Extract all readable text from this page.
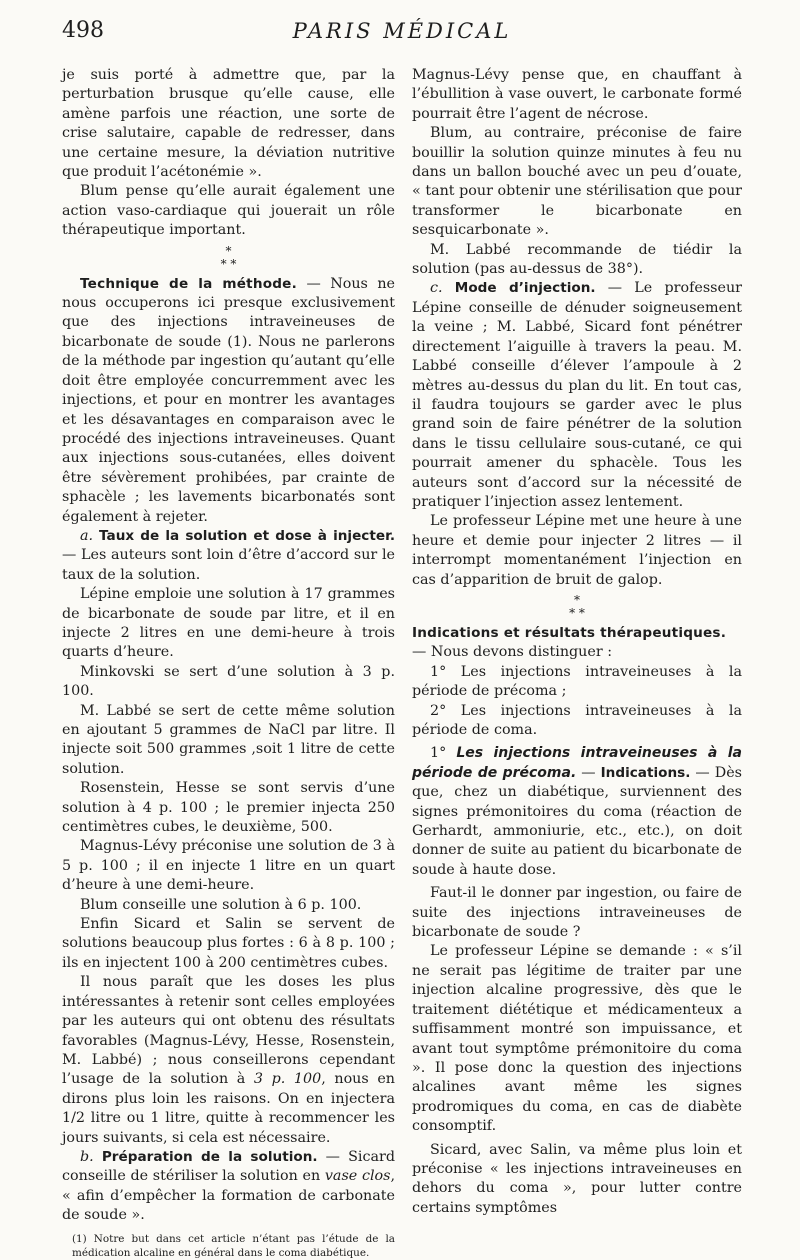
498	PARIS MÉDICAL

je suis porté à admettre que, par la perturbation brusque qu’elle cause, elle amène parfois une réaction, une sorte de crise salutaire, capable de redresser, dans une certaine mesure, la déviation nutritive que produit l’acétonémie ».

Blum pense qu’elle aurait également une action vaso-cardiaque qui jouerait un rôle thérapeutique important.

*
* *

Technique de la méthode. — Nous ne nous occuperons ici presque exclusivement que des injections intraveineuses de bicarbonate de soude (1). Nous ne parlerons de la méthode par ingestion qu’autant qu’elle doit être employée concurremment avec les injections, et pour en montrer les avantages et les désavantages en comparaison avec le procédé des injections intraveineuses. Quant aux injections sous-cutanées, elles doivent être sévèrement prohibées, par crainte de sphacèle ; les lavements bicarbonatés sont également à rejeter.

a. Taux de la solution et dose à injecter. — Les auteurs sont loin d’être d’accord sur le taux de la solution.

Lépine emploie une solution à 17 grammes de bicarbonate de soude par litre, et il en injecte 2 litres en une demi-heure à trois quarts d’heure.

Minkovski se sert d’une solution à 3 p. 100.

M. Labbé se sert de cette même solution en ajoutant 5 grammes de NaCl par litre. Il injecte soit 500 grammes ,soit 1 litre de cette solution.

Rosenstein, Hesse se sont servis d’une solution à 4 p. 100 ; le premier injecta 250 centimètres cubes, le deuxième, 500.

Magnus-Lévy préconise une solution de 3 à 5 p. 100 ; il en injecte 1 litre en un quart d’heure à une demi-heure.

Blum conseille une solution à 6 p. 100.

Enfin Sicard et Salin se servent de solutions beaucoup plus fortes : 6 à 8 p. 100 ; ils en injectent 100 à 200 centimètres cubes.

Il nous paraît que les doses les plus intéressantes à retenir sont celles employées par les auteurs qui ont obtenu des résultats favorables (Magnus-Lévy, Hesse, Rosenstein, M. Labbé) ; nous conseillerons cependant l’usage de la solution à 3 p. 100, nous en dirons plus loin les raisons. On en injectera 1/2 litre ou 1 litre, quitte à recommencer les jours suivants, si cela est nécessaire.

b. Préparation de la solution. — Sicard conseille de stériliser la solution en vase clos, « afin d’empêcher la formation de carbonate de soude ».

(1) Notre but dans cet article n’étant pas l’étude de la médication alcaline en général dans le coma diabétique.

Magnus-Lévy pense que, en chauffant à l’ébullition à vase ouvert, le carbonate formé pourrait être l’agent de nécrose.

Blum, au contraire, préconise de faire bouillir la solution quinze minutes à feu nu dans un ballon bouché avec un peu d’ouate, « tant pour obtenir une stérilisation que pour transformer le bicarbonate en sesquicarbonate ».

M. Labbé recommande de tiédir la solution (pas au-dessus de 38°).

c. Mode d’injection. — Le professeur Lépine conseille de dénuder soigneusement la veine ; M. Labbé, Sicard font pénétrer directement l’aiguille à travers la peau. M. Labbé conseille d’élever l’ampoule à 2 mètres au-dessus du plan du lit. En tout cas, il faudra toujours se garder avec le plus grand soin de faire pénétrer de la solution dans le tissu cellulaire sous-cutané, ce qui pourrait amener du sphacèle. Tous les auteurs sont d’accord sur la nécessité de pratiquer l’injection assez lentement.

Le professeur Lépine met une heure à une heure et demie pour injecter 2 litres — il interrompt momentanément l’injection en cas d’apparition de bruit de galop.

*
* *

Indications et résultats thérapeutiques.
— Nous devons distinguer :

1° Les injections intraveineuses à la période de précoma ;

2° Les injections intraveineuses à la période de coma.

1° Les injections intraveineuses à la période de précoma. — Indications. — Dès que, chez un diabétique, surviennent des signes prémonitoires du coma (réaction de Gerhardt, ammoniurie, etc., etc.), on doit donner de suite au patient du bicarbonate de soude à haute dose.

Faut-il le donner par ingestion, ou faire de suite des injections intraveineuses de bicarbonate de soude ?

Le professeur Lépine se demande : « s’il ne serait pas légitime de traiter par une injection alcaline progressive, dès que le traitement diététique et médicamenteux a suffisamment montré son impuissance, et avant tout symptôme prémonitoire du coma ». Il pose donc la question des injections alcalines avant même les signes prodromiques du coma, en cas de diabète consomptif.

Sicard, avec Salin, va même plus loin et préconise « les injections intraveineuses en dehors du coma », pour lutter contre certains symptômes
